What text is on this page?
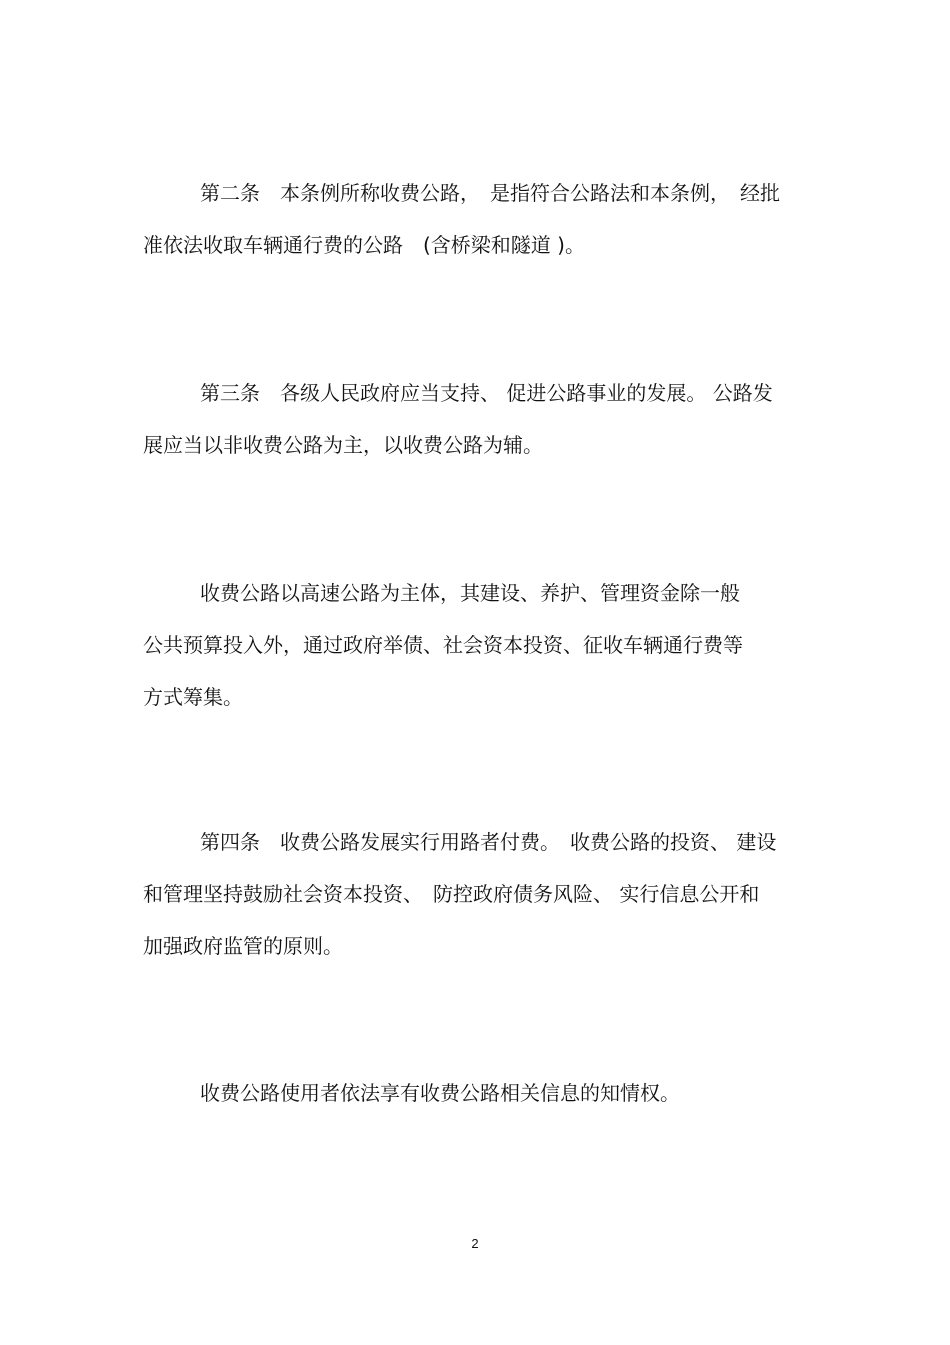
第二条　本条例所称收费公路，　是指符合公路法和本条例，　经批
准依法收取车辆通行费的公路　(含桥梁和隧道 )。
第三条　各级人民政府应当支持、 促进公路事业的发展。 公路发
展应当以非收费公路为主，以收费公路为辅。
收费公路以高速公路为主体，其建设、养护、管理资金除一般
公共预算投入外，通过政府举债、社会资本投资、征收车辆通行费等
方式筹集。
第四条　收费公路发展实行用路者付费。　收费公路的投资、 建设
和管理坚持鼓励社会资本投资、　防控政府债务风险、 实行信息公开和
加强政府监管的原则。
收费公路使用者依法享有收费公路相关信息的知情权。
2
